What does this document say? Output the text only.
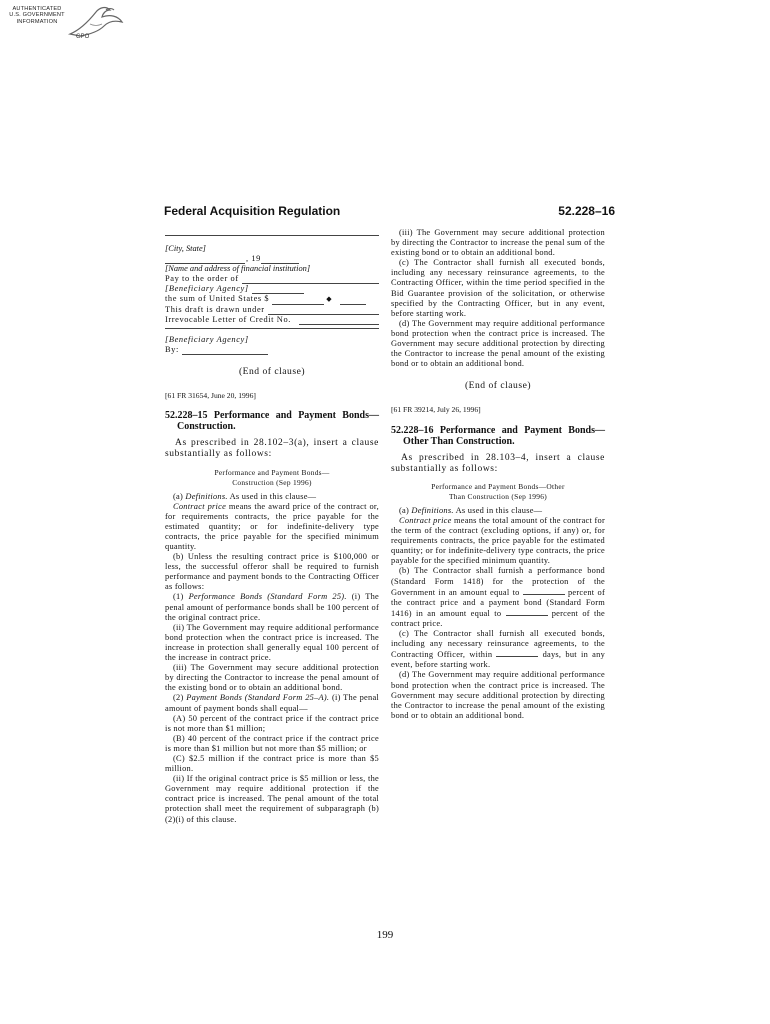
AUTHENTICATED
U.S. GOVERNMENT
INFORMATION
GPO
Federal Acquisition Regulation	52.228–16
[City, State]
, 19
[Name and address of financial institution]
Pay to the order of
[Beneficiary Agency]
the sum of United States $	◆
This draft is drawn under
Irrevocable Letter of Credit No.
[Beneficiary Agency]
By:
(End of clause)
[61 FR 31654, June 20, 1996]
52.228–15 Performance and Payment Bonds—Construction.
As prescribed in 28.102–3(a), insert a clause substantially as follows:
Performance and Payment Bonds—
Construction (Sep 1996)

(a) Definitions. As used in this clause—

Contract price means the award price of the contract or, for requirements contracts, the price payable for the estimated quantity; or for indefinite-delivery type contracts, the price payable for the specified minimum quantity.

(b) Unless the resulting contract price is $100,000 or less, the successful offeror shall be required to furnish performance and payment bonds to the Contracting Officer as follows:

(1) Performance Bonds (Standard Form 25). (i) The penal amount of performance bonds shall be 100 percent of the original contract price.

(ii) The Government may require additional performance bond protection when the contract price is increased. The increase in protection shall generally equal 100 percent of the increase in contract price.

(iii) The Government may secure additional protection by directing the Contractor to increase the penal amount of the existing bond or to obtain an additional bond.

(2) Payment Bonds (Standard Form 25–A). (i) The penal amount of payment bonds shall equal—

(A) 50 percent of the contract price if the contract price is not more than $1 million;

(B) 40 percent of the contract price if the contract price is more than $1 million but not more than $5 million; or

(C) $2.5 million if the contract price is more than $5 million.

(ii) If the original contract price is $5 million or less, the Government may require additional protection if the contract price is increased. The penal amount of the total protection shall meet the requirement of subparagraph (b)(2)(i) of this clause.

(iii) The Government may secure additional protection by directing the Contractor to increase the penal sum of the existing bond or to obtain an additional bond.

(c) The Contractor shall furnish all executed bonds, including any necessary reinsurance agreements, to the Contracting Officer, within the time period specified in the Bid Guarantee provision of the solicitation, or otherwise specified by the Contracting Officer, but in any event, before starting work.

(d) The Government may require additional performance bond protection when the contract price is increased. The Government may secure additional protection by directing the Contractor to increase the penal amount of the existing bond or to obtain an additional bond.

(End of clause)
[61 FR 39214, July 26, 1996]
52.228–16 Performance and Payment Bonds—Other Than Construction.
As prescribed in 28.103–4, insert a clause substantially as follows:
Performance and Payment Bonds—Other
Than Construction (Sep 1996)

(a) Definitions. As used in this clause—

Contract price means the total amount of the contract for the term of the contract (excluding options, if any) or, for requirements contracts, the price payable for the estimated quantity; or for indefinite-delivery type contracts, the price payable for the specified minimum quantity.

(b) The Contractor shall furnish a performance bond (Standard Form 1418) for the protection of the Government in an amount equal to	percent of the contract price and a payment bond (Standard Form 1416) in an amount equal to	percent of the contract price.

(c) The Contractor shall furnish all executed bonds, including any necessary reinsurance agreements, to the Contracting Officer, within	days, but in any event, before starting work.

(d) The Government may require additional performance bond protection when the contract price is increased. The Government may secure additional protection by directing the Contractor to increase the penal amount of the existing bond or to obtain an additional bond.

199
